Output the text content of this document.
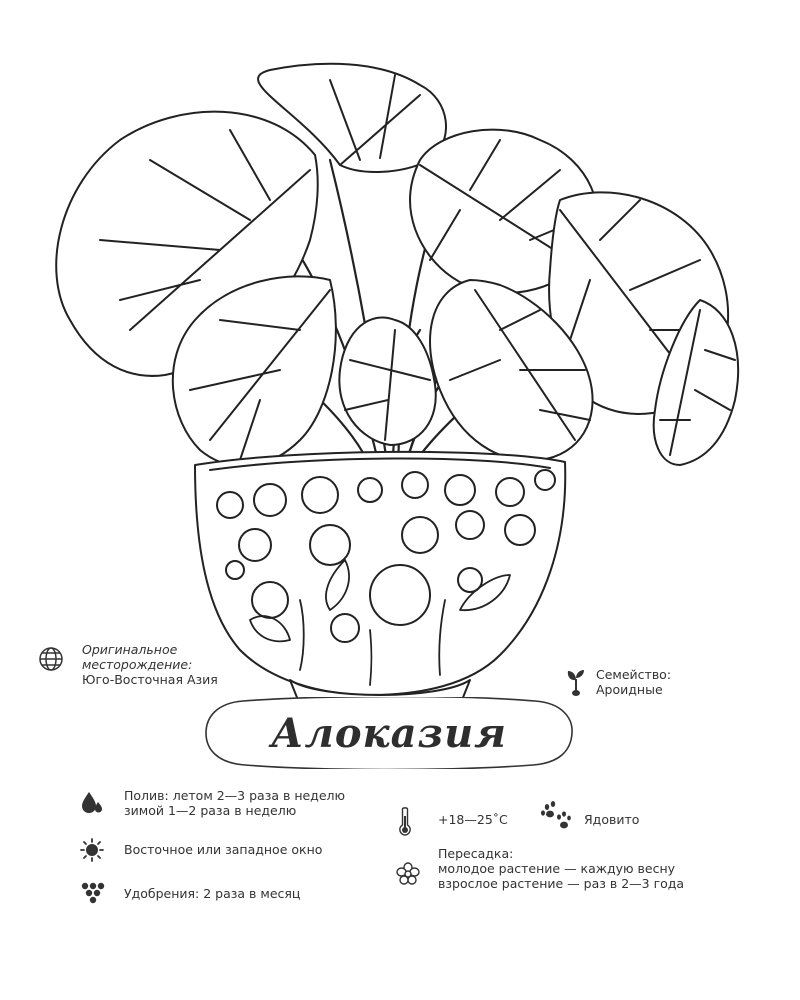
Алоказия
Оригинальное
месторождение:
Юго-Восточная Азия	Семейство:
Ароидные
Полив: летом 2—3 раза в неделю
зимой 1—2 раза в неделю
Восточное или западное окно
Удобрения: 2 раза в месяц
+18—25˚C	Ядовито
Пересадка:
молодое растение — каждую весну
взрослое растение — раз в 2—3 года
